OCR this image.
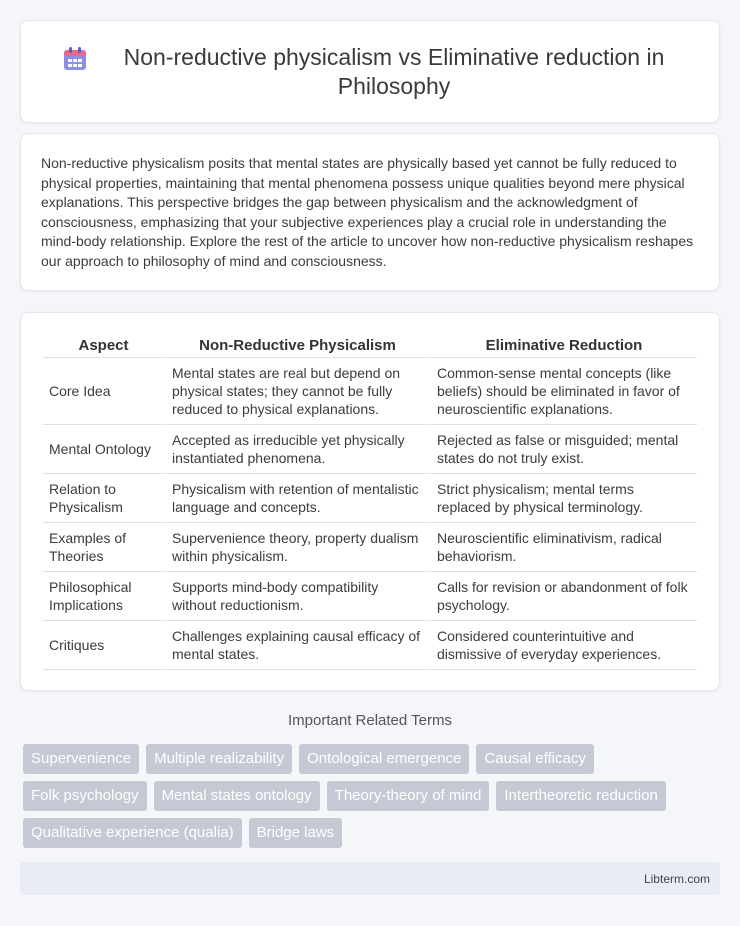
Non-reductive physicalism vs Eliminative reduction in Philosophy

Non-reductive physicalism posits that mental states are physically based yet cannot be fully reduced to physical properties, maintaining that mental phenomena possess unique qualities beyond mere physical explanations. This perspective bridges the gap between physicalism and the acknowledgment of consciousness, emphasizing that your subjective experiences play a crucial role in understanding the mind-body relationship. Explore the rest of the article to uncover how non-reductive physicalism reshapes our approach to philosophy of mind and consciousness.

Aspect	Non-Reductive Physicalism	Eliminative Reduction
Core Idea	Mental states are real but depend on physical states; they cannot be fully reduced to physical explanations.	Common-sense mental concepts (like beliefs) should be eliminated in favor of neuroscientific explanations.
Mental Ontology	Accepted as irreducible yet physically instantiated phenomena.	Rejected as false or misguided; mental states do not truly exist.
Relation to Physicalism	Physicalism with retention of mentalistic language and concepts.	Strict physicalism; mental terms replaced by physical terminology.
Examples of Theories	Supervenience theory, property dualism within physicalism.	Neuroscientific eliminativism, radical behaviorism.
Philosophical Implications	Supports mind-body compatibility without reductionism.	Calls for revision or abandonment of folk psychology.
Critiques	Challenges explaining causal efficacy of mental states.	Considered counterintuitive and dismissive of everyday experiences.
Important Related Terms
Supervenience	Multiple realizability	Ontological emergence	Causal efficacy
Folk psychology	Mental states ontology	Theory-theory of mind	Intertheoretic reduction
Qualitative experience (qualia)	Bridge laws
Libterm.com
